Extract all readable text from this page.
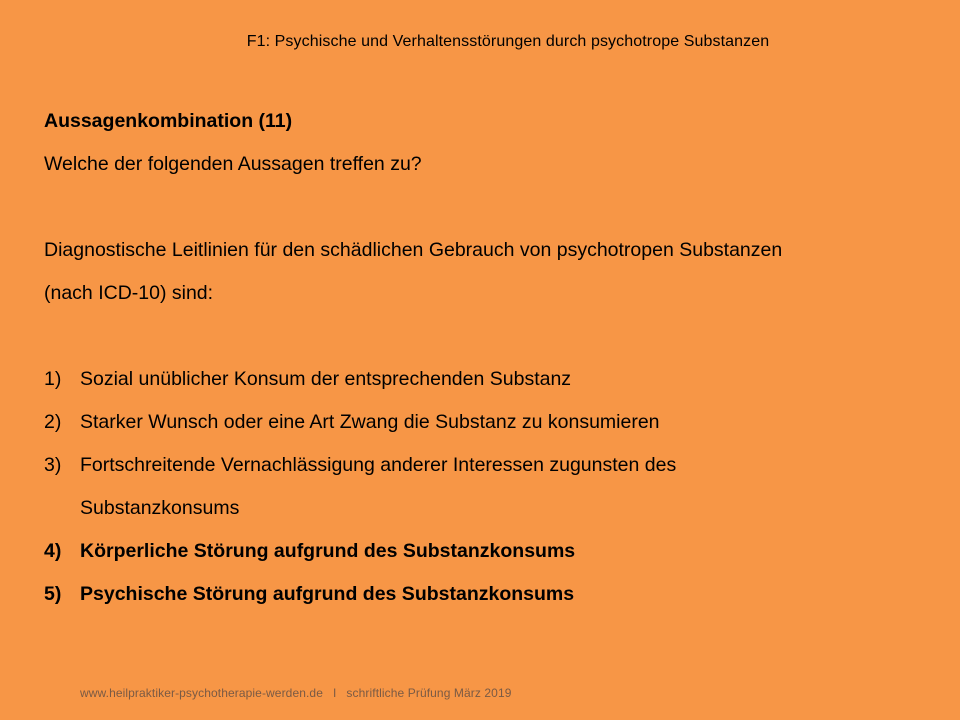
F1: Psychische und Verhaltensstörungen durch psychotrope Substanzen
Aussagenkombination (11)
Welche der folgenden Aussagen treffen zu?
Diagnostische Leitlinien für den schädlichen Gebrauch von psychotropen Substanzen
(nach ICD-10) sind:
1) Sozial unüblicher Konsum der entsprechenden Substanz
2) Starker Wunsch oder eine Art Zwang die Substanz zu konsumieren
3) Fortschreitende Vernachlässigung anderer Interessen zugunsten des Substanzkonsums
4) Körperliche Störung aufgrund des Substanzkonsums
5) Psychische Störung aufgrund des Substanzkonsums
www.heilpraktiker-psychotherapie-werden.de I schriftliche Prüfung März 2019
